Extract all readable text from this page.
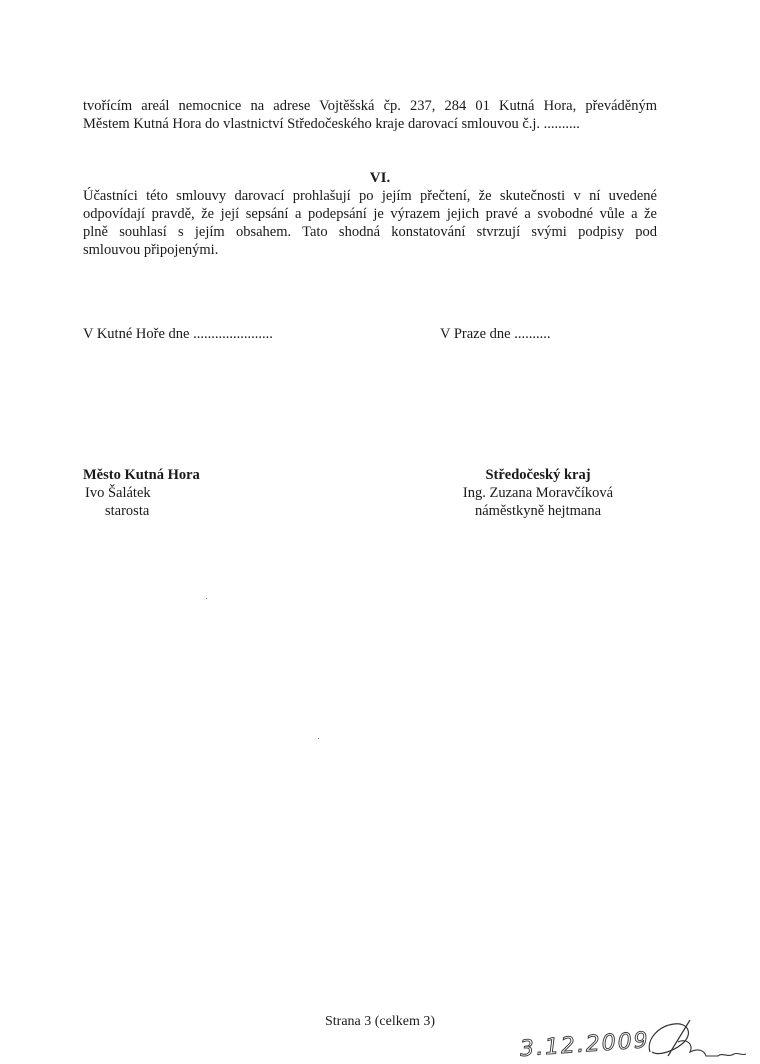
tvořícím areál nemocnice na adrese Vojtěšská čp. 237, 284 01 Kutná Hora, převáděným
Městem Kutná Hora do vlastnictví Středočeského kraje darovací smlouvou č.j. ..........
VI.
Účastníci této smlouvy darovací prohlašují po jejím přečtení, že skutečnosti v ní uvedené
odpovídají pravdě, že její sepsání a podepsání je výrazem jejich pravé a svobodné vůle a že
plně souhlasí s jejím obsahem. Tato shodná konstatování stvrzují svými podpisy pod
smlouvou připojenými.
V Kutné Hoře dne ......................	V Praze dne ..........
Město Kutná Hora
Ivo Šalátek
starosta
Středočeský kraj
Ing. Zuzana Moravčíková
náměstkyně hejtmana
Strana 3 (celkem 3)
3.12.2009
